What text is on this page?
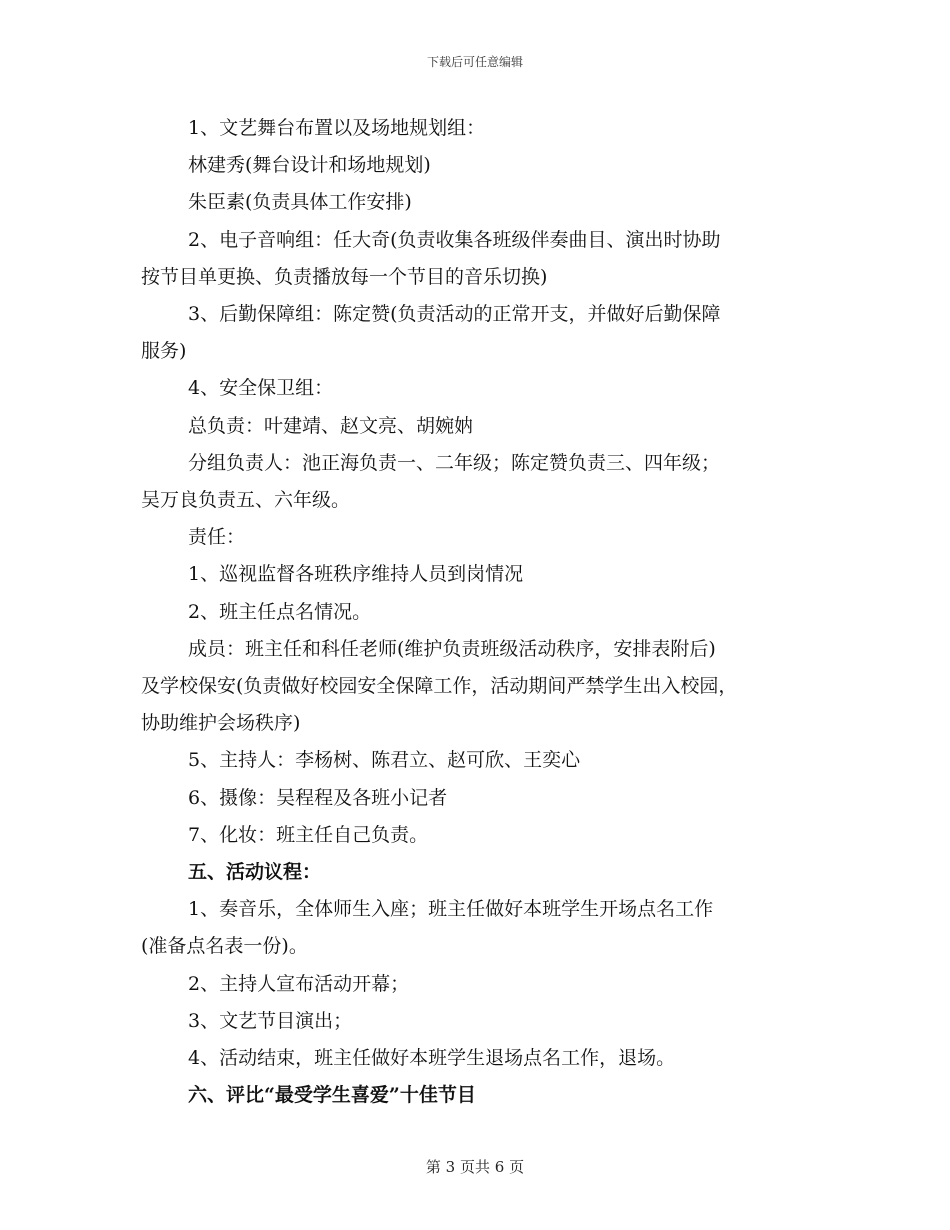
下载后可任意编辑

1、文艺舞台布置以及场地规划组：

林建秀(舞台设计和场地规划)

朱臣素(负责具体工作安排)

2、电子音响组：任大奇(负责收集各班级伴奏曲目、演出时协助

按节目单更换、负责播放每一个节目的音乐切换)

3、后勤保障组：陈定赞(负责活动的正常开支，并做好后勤保障

服务)

4、安全保卫组：

总负责：叶建靖、赵文亮、胡婉妠

分组负责人：池正海负责一、二年级；陈定赞负责三、四年级；

吴万良负责五、六年级。

责任：

1、巡视监督各班秩序维持人员到岗情况

2、班主任点名情况。

成员：班主任和科任老师(维护负责班级活动秩序，安排表附后)

及学校保安(负责做好校园安全保障工作，活动期间严禁学生出入校园，

协助维护会场秩序)

5、主持人：李杨树、陈君立、赵可欣、王奕心

6、摄像：吴程程及各班小记者

7、化妆：班主任自己负责。

五、活动议程：

1、奏音乐，全体师生入座；班主任做好本班学生开场点名工作

(准备点名表一份)。

2、主持人宣布活动开幕；

3、文艺节目演出；

4、活动结束，班主任做好本班学生退场点名工作，退场。

六、评比“最受学生喜爱”十佳节目

第 3 页共 6 页
